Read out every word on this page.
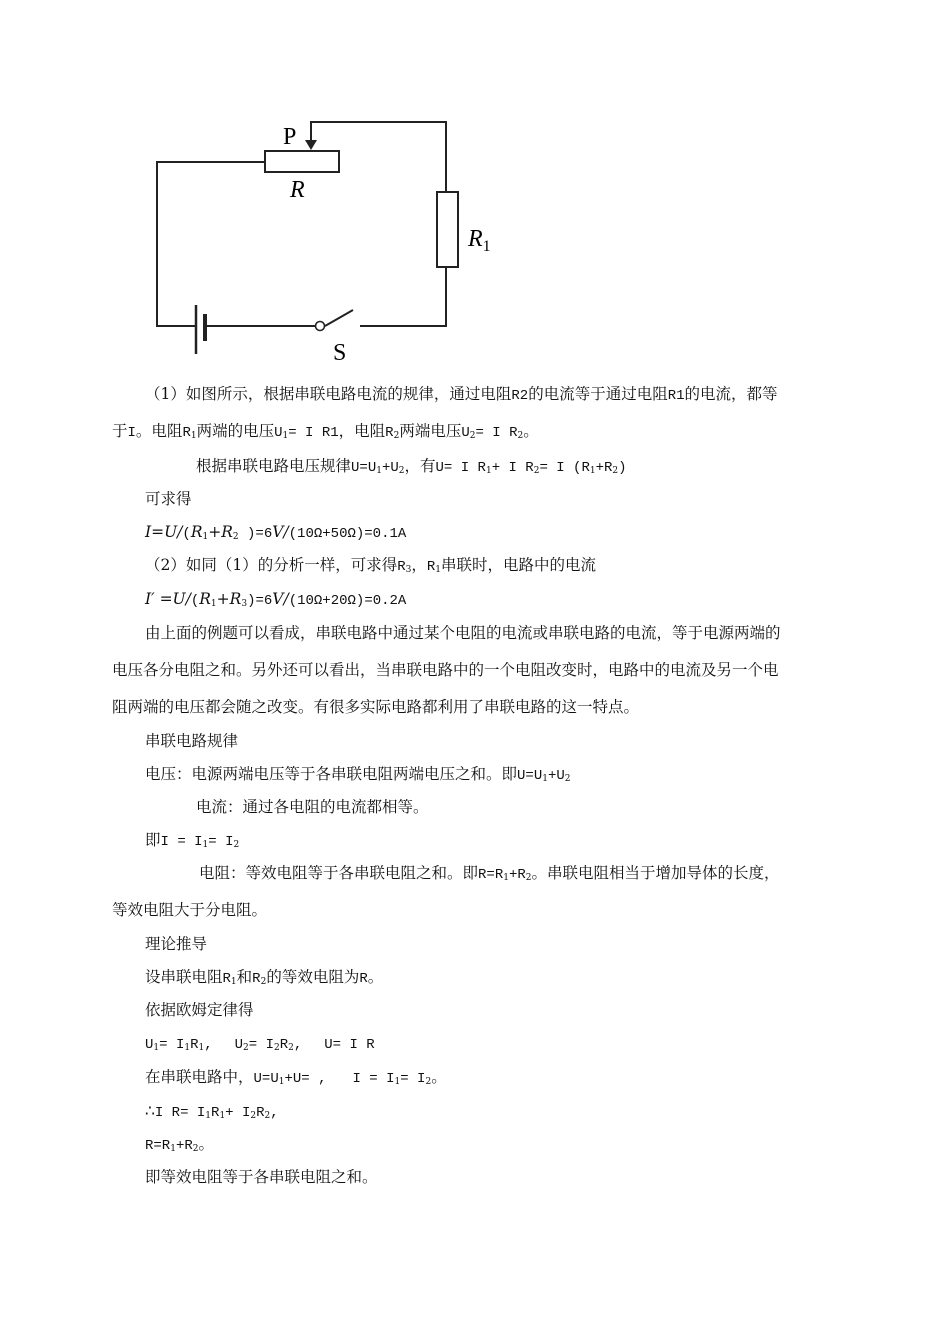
P
R
$R_1$
S
（1）如图所示，根据串联电路电流的规律，通过电阻R2的电流等于通过电阻R1的电流，都等
于I。电阻$R_1$两端的电压$U_1= I$ R1，电阻$R_2$两端电压$U_2= I$ $R_2$。
根据串联电路电压规律$U=U_1+U_2$，有U= I $R_1+ I$ $R_2= I$ $(R_1+R_2)$
可求得
$I=U/(R_1+R_2$ )=6V/(10Ω+50Ω)=0.1A
（2）如同（1）的分析一样，可求得$R_3$，$R_1$串联时，电路中的电流
$I' =U/(R_1+R_3)=6V/(10\Omega+20\Omega)=0.2A$
由上面的例题可以看成，串联电路中通过某个电阻的电流或串联电路的电流，等于电源两端的
电压各分电阻之和。另外还可以看出，当串联电路中的一个电阻改变时，电路中的电流及另一个电
阻两端的电压都会随之改变。有很多实际电路都利用了串联电路的这一特点。
串联电路规律
电压：电源两端电压等于各串联电阻两端电压之和。即$U=U_1+U_2$
电流：通过各电阻的电流都相等。
即$I = I_1= I_2$
电阻：等效电阻等于各串联电阻之和。即$R=R_1+R_2$。串联电阻相当于增加导体的长度，
等效电阻大于分电阻。
理论推导
设串联电阻$R_1$和$R_2$的等效电阻为R。
依据欧姆定律得
$U_1= I_1R_1$, $U_2= I_2R_2$, U= I R
在串联电路中，$U=U_1+U=$ , $I = I_1= I_2$。
∴I $R= I_1R_1+ I_2R_2$,
$R=R_1+R_2$。
即等效电阻等于各串联电阻之和。
